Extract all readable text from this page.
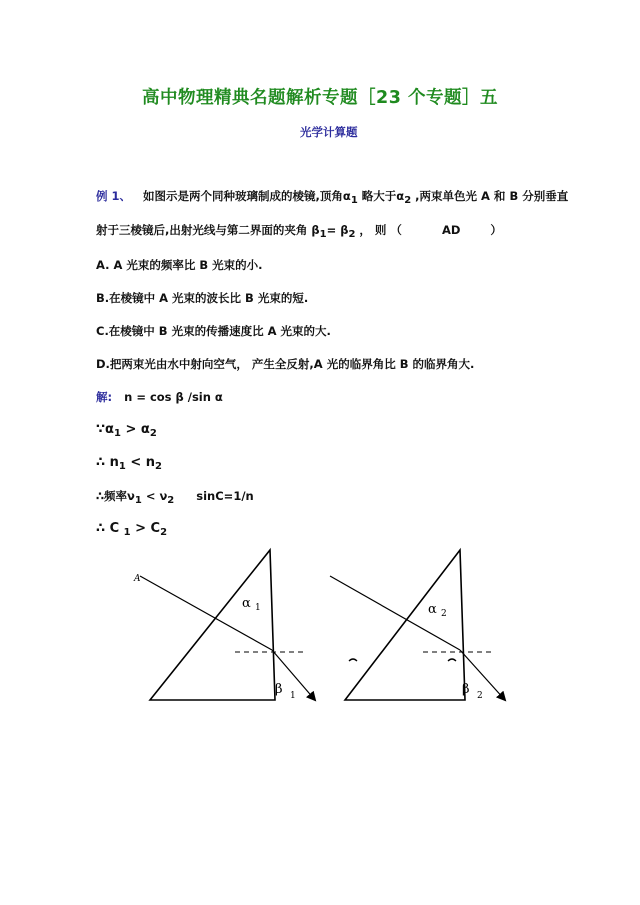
高中物理精典名题解析专题［23 个专题］五
光学计算题
例 1、 如图示是两个同种玻璃制成的棱镜,顶角$\alpha_1$ 略大于$\alpha_2$ ,两束单色光 A 和 B 分别垂直
射于三棱镜后,出射光线与第二界面的夹角 $\beta_1= \beta_2$ ， 则 （	AD	）
A. A 光束的频率比 B 光束的小.
B.在棱镜中 A 光束的波长比 B 光束的短.
C.在棱镜中 B 光束的传播速度比 A 光束的大.
D.把两束光由水中射向空气， 产生全反射,A 光的临界角比 B 的临界角大.
解: n = cos β /sin α
$\because\alpha_1 > \alpha_2$
∴ $n_1 < n_2$
∴频率$\nu_1 < \nu_2$ sinC=1/n
∴ C $_1 > C_2$
A
α 1
β 1
α 2
β 2
